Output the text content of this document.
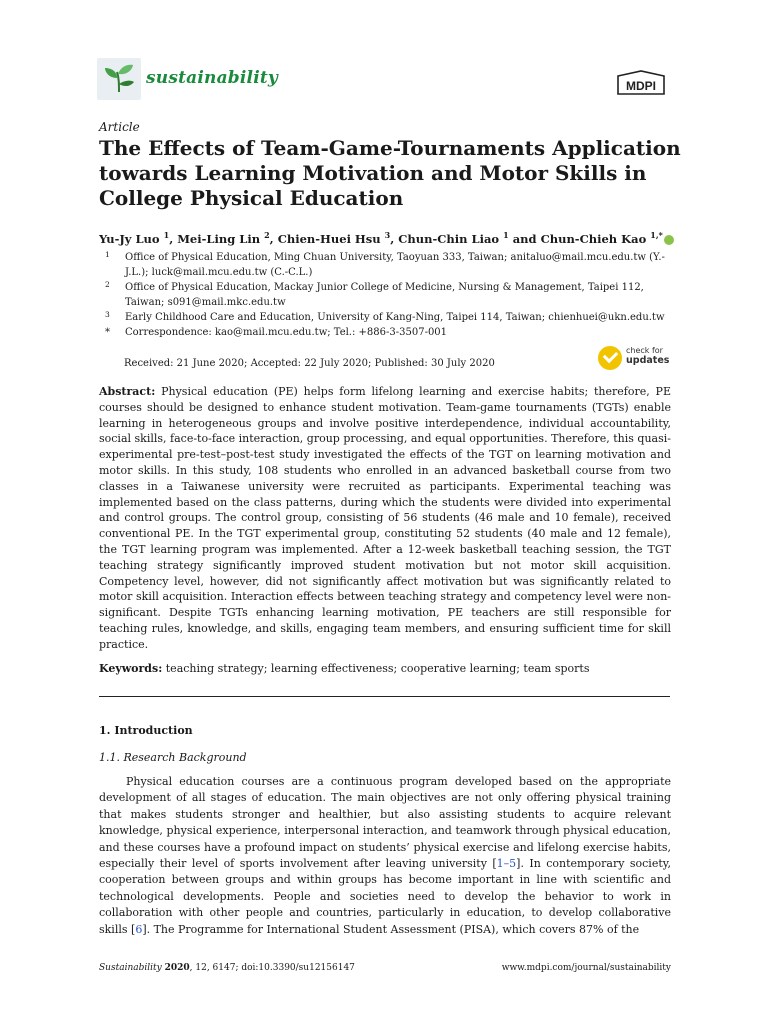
sustainability	MDPI
Article
The Effects of Team-Game-Tournaments Application towards Learning Motivation and Motor Skills in College Physical Education
Yu-Jy Luo $^1$, Mei-Ling Lin $^2$, Chien-Huei Hsu $^3$, Chun-Chin Liao $^1$ and Chun-Chieh Kao $^{1,*}$
1 Office of Physical Education, Ming Chuan University, Taoyuan 333, Taiwan; anitaluo@mail.mcu.edu.tw (Y.-J.L.); luck@mail.mcu.edu.tw (C.-C.L.)
2 Office of Physical Education, Mackay Junior College of Medicine, Nursing & Management, Taipei 112, Taiwan; s091@mail.mkc.edu.tw
3 Early Childhood Care and Education, University of Kang-Ning, Taipei 114, Taiwan; chienhuei@ukn.edu.tw
* Correspondence: kao@mail.mcu.edu.tw; Tel.: +886-3-3507-001
Received: 21 June 2020; Accepted: 22 July 2020; Published: 30 July 2020
check for
updates
Abstract: Physical education (PE) helps form lifelong learning and exercise habits; therefore, PE courses should be designed to enhance student motivation. Team-game tournaments (TGTs) enable learning in heterogeneous groups and involve positive interdependence, individual accountability, social skills, face-to-face interaction, group processing, and equal opportunities. Therefore, this quasi-experimental pre-test–post-test study investigated the effects of the TGT on learning motivation and motor skills. In this study, 108 students who enrolled in an advanced basketball course from two classes in a Taiwanese university were recruited as participants. Experimental teaching was implemented based on the class patterns, during which the students were divided into experimental and control groups. The control group, consisting of 56 students (46 male and 10 female), received conventional PE. In the TGT experimental group, constituting 52 students (40 male and 12 female), the TGT learning program was implemented. After a 12-week basketball teaching session, the TGT teaching strategy significantly improved student motivation but not motor skill acquisition. Competency level, however, did not significantly affect motivation but was significantly related to motor skill acquisition. Interaction effects between teaching strategy and competency level were non-significant. Despite TGTs enhancing learning motivation, PE teachers are still responsible for teaching rules, knowledge, and skills, engaging team members, and ensuring sufficient time for skill practice.
Keywords: teaching strategy; learning effectiveness; cooperative learning; team sports
1. Introduction
1.1. Research Background
Physical education courses are a continuous program developed based on the appropriate development of all stages of education. The main objectives are not only offering physical training that makes students stronger and healthier, but also assisting students to acquire relevant knowledge, physical experience, interpersonal interaction, and teamwork through physical education, and these courses have a profound impact on students’ physical exercise and lifelong exercise habits, especially their level of sports involvement after leaving university [1–5]. In contemporary society, cooperation between groups and within groups has become important in line with scientific and technological developments. People and societies need to develop the behavior to work in collaboration with other people and countries, particularly in education, to develop collaborative skills [6]. The Programme for International Student Assessment (PISA), which covers 87% of the
Sustainability 2020, 12, 6147; doi:10.3390/su12156147	www.mdpi.com/journal/sustainability
